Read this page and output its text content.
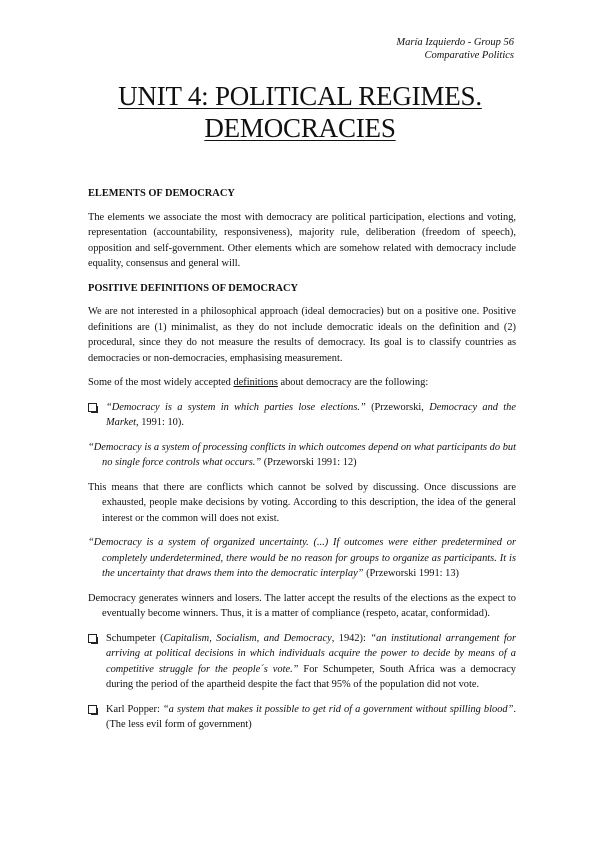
María Izquierdo - Group 56
Comparative Politics
UNIT 4: POLITICAL REGIMES.
DEMOCRACIES
ELEMENTS OF DEMOCRACY
The elements we associate the most with democracy are political participation, elections and voting, representation (accountability, responsiveness), majority rule, deliberation (freedom of speech), opposition and self-government. Other elements which are somehow related with democracy include equality, consensus and general will.
POSITIVE DEFINITIONS OF DEMOCRACY
We are not interested in a philosophical approach (ideal democracies) but on a positive one. Positive definitions are (1) minimalist, as they do not include democratic ideals on the definition and (2) procedural, since they do not measure the results of democracy. Its goal is to classify countries as democracies or non-democracies, emphasising measurement.
Some of the most widely accepted definitions about democracy are the following:
“Democracy is a system in which parties lose elections.” (Przeworski, Democracy and the Market, 1991: 10).
“Democracy is a system of processing conflicts in which outcomes depend on what participants do but no single force controls what occurs.” (Przeworski 1991: 12)
This means that there are conflicts which cannot be solved by discussing. Once discussions are exhausted, people make decisions by voting. According to this description, the idea of the general interest or the common will does not exist.
“Democracy is a system of organized uncertainty. (...) If outcomes were either predetermined or completely underdetermined, there would be no reason for groups to organize as participants. It is the uncertainty that draws them into the democratic interplay” (Przeworski 1991: 13)
Democracy generates winners and losers. The latter accept the results of the elections as the expect to eventually become winners. Thus, it is a matter of compliance (respeto, acatar, conformidad).
Schumpeter (Capitalism, Socialism, and Democracy, 1942): “an institutional arrangement for arriving at political decisions in which individuals acquire the power to decide by means of a competitive struggle for the people´s vote.” For Schumpeter, South Africa was a democracy during the period of the apartheid despite the fact that 95% of the population did not vote.
Karl Popper: “a system that makes it possible to get rid of a government without spilling blood”. (The less evil form of government)
